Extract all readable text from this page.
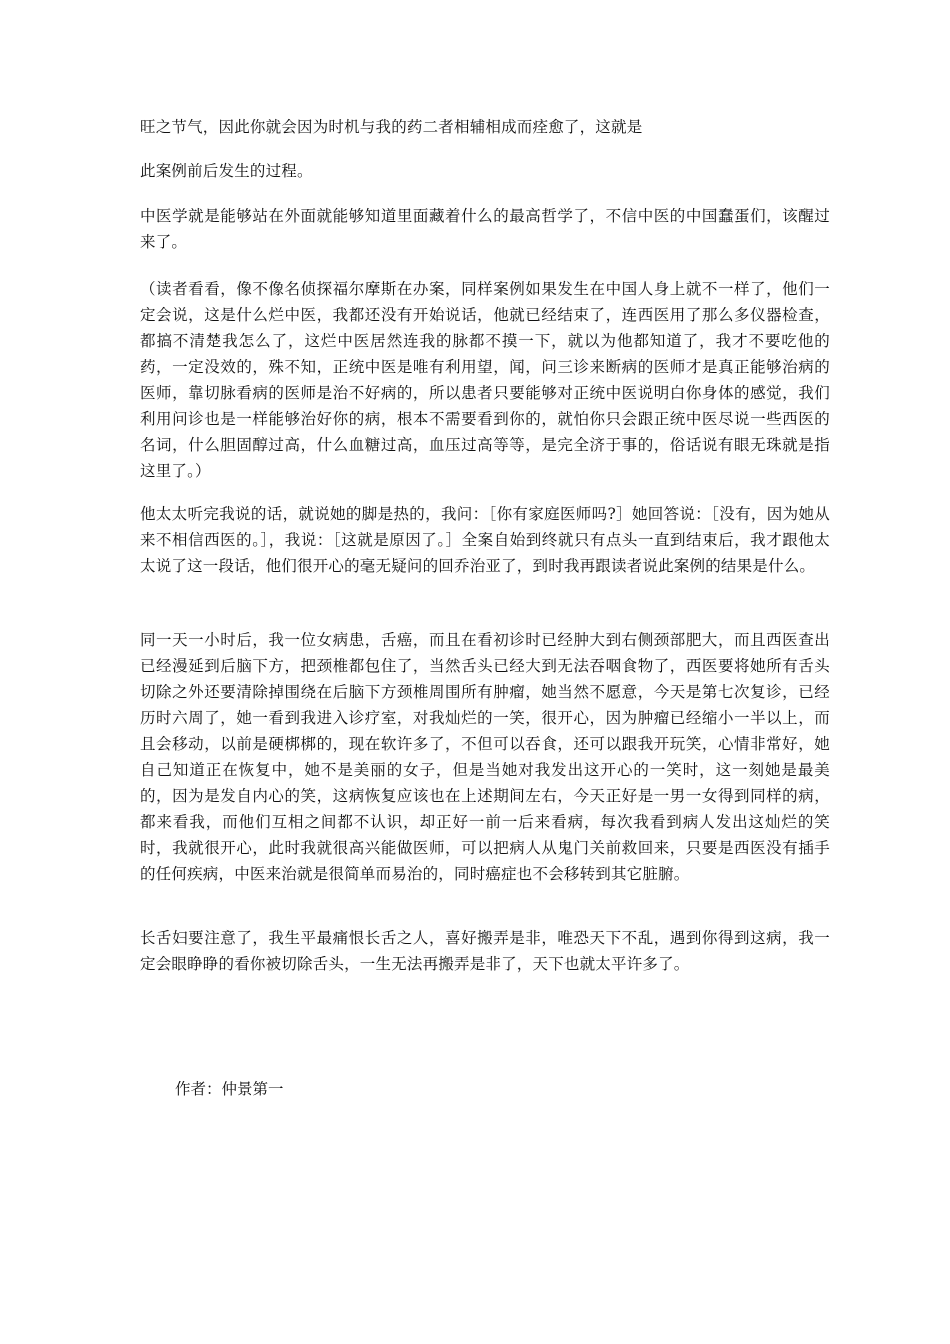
旺之节气，因此你就会因为时机与我的药二者相辅相成而痊愈了，这就是

此案例前后发生的过程。

中医学就是能够站在外面就能够知道里面藏着什么的最高哲学了，不信中医的中国蠢蛋们，该醒过来了。

（读者看看，像不像名侦探福尔摩斯在办案，同样案例如果发生在中国人身上就不一样了，他们一定会说，这是什么烂中医，我都还没有开始说话，他就已经结束了，连西医用了那么多仪器检查，都搞不清楚我怎么了，这烂中医居然连我的脉都不摸一下，就以为他都知道了，我才不要吃他的药，一定没效的，殊不知，正统中医是唯有利用望，闻，问三诊来断病的医师才是真正能够治病的医师，靠切脉看病的医师是治不好病的，所以患者只要能够对正统中医说明白你身体的感觉，我们利用问诊也是一样能够治好你的病，根本不需要看到你的，就怕你只会跟正统中医尽说一些西医的名词，什么胆固醇过高，什么血糖过高，血压过高等等，是完全济于事的，俗话说有眼无珠就是指这里了。）

他太太听完我说的话，就说她的脚是热的，我问：［你有家庭医师吗?］她回答说：［没有，因为她从来不相信西医的。］，我说：［这就是原因了。］全案自始到终就只有点头一直到结束后，我才跟他太太说了这一段话，他们很开心的毫无疑问的回乔治亚了，到时我再跟读者说此案例的结果是什么。

同一天一小时后，我一位女病患，舌癌，而且在看初诊时已经肿大到右侧颈部肥大，而且西医查出已经漫延到后脑下方，把颈椎都包住了，当然舌头已经大到无法吞咽食物了，西医要将她所有舌头切除之外还要清除掉围绕在后脑下方颈椎周围所有肿瘤，她当然不愿意，今天是第七次复诊，已经历时六周了，她一看到我进入诊疗室，对我灿烂的一笑，很开心，因为肿瘤已经缩小一半以上，而且会移动，以前是硬梆梆的，现在软许多了，不但可以吞食，还可以跟我开玩笑，心情非常好，她自己知道正在恢复中，她不是美丽的女子，但是当她对我发出这开心的一笑时，这一刻她是最美的，因为是发自内心的笑，这病恢复应该也在上述期间左右，今天正好是一男一女得到同样的病，都来看我，而他们互相之间都不认识，却正好一前一后来看病，每次我看到病人发出这灿烂的笑时，我就很开心，此时我就很高兴能做医师，可以把病人从鬼门关前救回来，只要是西医没有插手的任何疾病，中医来治就是很简单而易治的，同时癌症也不会移转到其它脏腑。

长舌妇要注意了，我生平最痛恨长舌之人，喜好搬弄是非，唯恐天下不乱，遇到你得到这病，我一定会眼睁睁的看你被切除舌头，一生无法再搬弄是非了，天下也就太平许多了。

作者：仲景第一
